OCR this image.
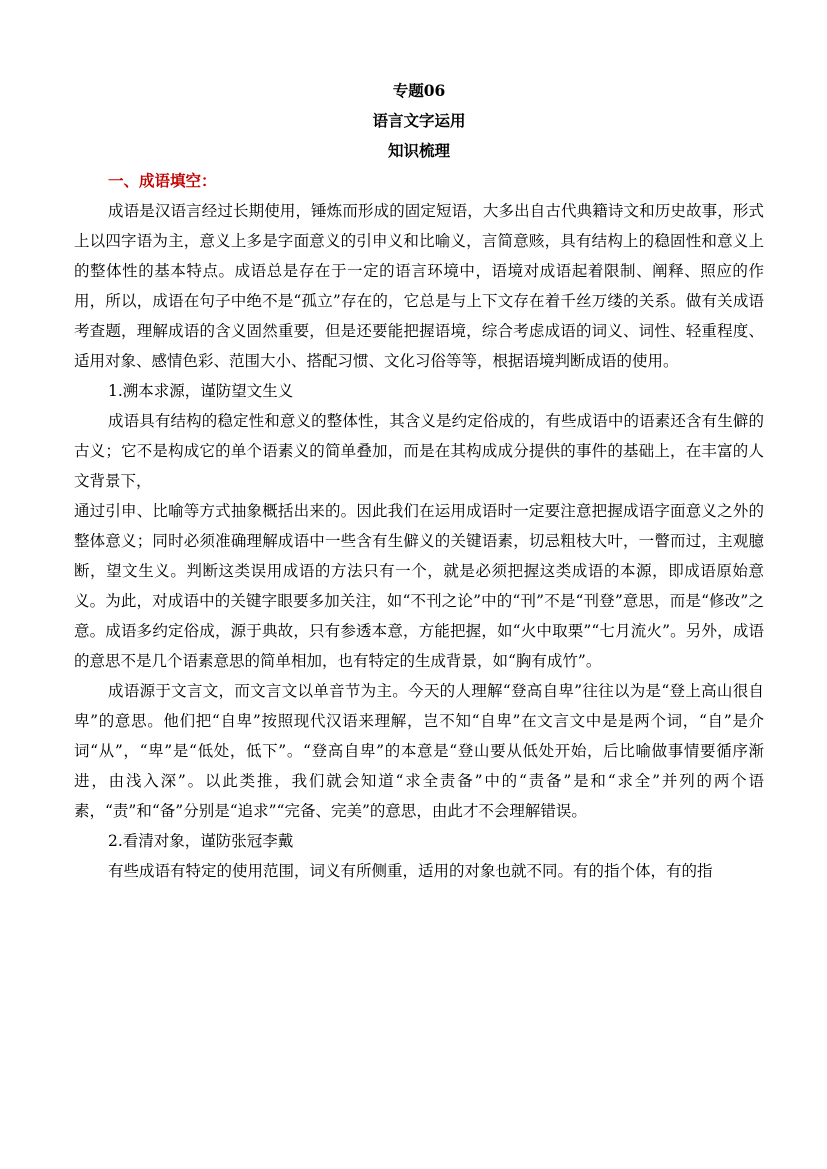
专题06

语言文字运用

知识梳理

一、成语填空：

成语是汉语言经过长期使用，锤炼而形成的固定短语，大多出自古代典籍诗文和历史故事，形式上以四字语为主，意义上多是字面意义的引申义和比喻义，言简意赅，具有结构上的稳固性和意义上的整体性的基本特点。成语总是存在于一定的语言环境中，语境对成语起着限制、阐释、照应的作用，所以，成语在句子中绝不是“孤立”存在的，它总是与上下文存在着千丝万缕的关系。做有关成语考查题，理解成语的含义固然重要，但是还要能把握语境，综合考虑成语的词义、词性、轻重程度、适用对象、感情色彩、范围大小、搭配习惯、文化习俗等等，根据语境判断成语的使用。

1.溯本求源，谨防望文生义

成语具有结构的稳定性和意义的整体性，其含义是约定俗成的，有些成语中的语素还含有生僻的古义；它不是构成它的单个语素义的简单叠加，而是在其构成成分提供的事件的基础上，在丰富的人文背景下，

通过引申、比喻等方式抽象概括出来的。因此我们在运用成语时一定要注意把握成语字面意义之外的整体意义；同时必须准确理解成语中一些含有生僻义的关键语素，切忌粗枝大叶，一瞥而过，主观臆断，望文生义。判断这类误用成语的方法只有一个，就是必须把握这类成语的本源，即成语原始意义。为此，对成语中的关键字眼要多加关注，如“不刊之论”中的“刊”不是“刊登”意思，而是“修改”之意。成语多约定俗成，源于典故，只有参透本意，方能把握，如“火中取栗”“七月流火”。另外，成语的意思不是几个语素意思的简单相加，也有特定的生成背景，如“胸有成竹”。

成语源于文言文，而文言文以单音节为主。今天的人理解“登高自卑”往往以为是“登上高山很自卑”的意思。他们把“自卑”按照现代汉语来理解，岂不知“自卑”在文言文中是是两个词，“自”是介词“从”，“卑”是“低处，低下”。“登高自卑”的本意是“登山要从低处开始，后比喻做事情要循序渐进，由浅入深”。以此类推，我们就会知道“求全责备”中的“责备”是和“求全”并列的两个语素，“责”和“备”分别是“追求”“完备、完美”的意思，由此才不会理解错误。

2.看清对象，谨防张冠李戴

有些成语有特定的使用范围，词义有所侧重，适用的对象也就不同。有的指个体，有的指
